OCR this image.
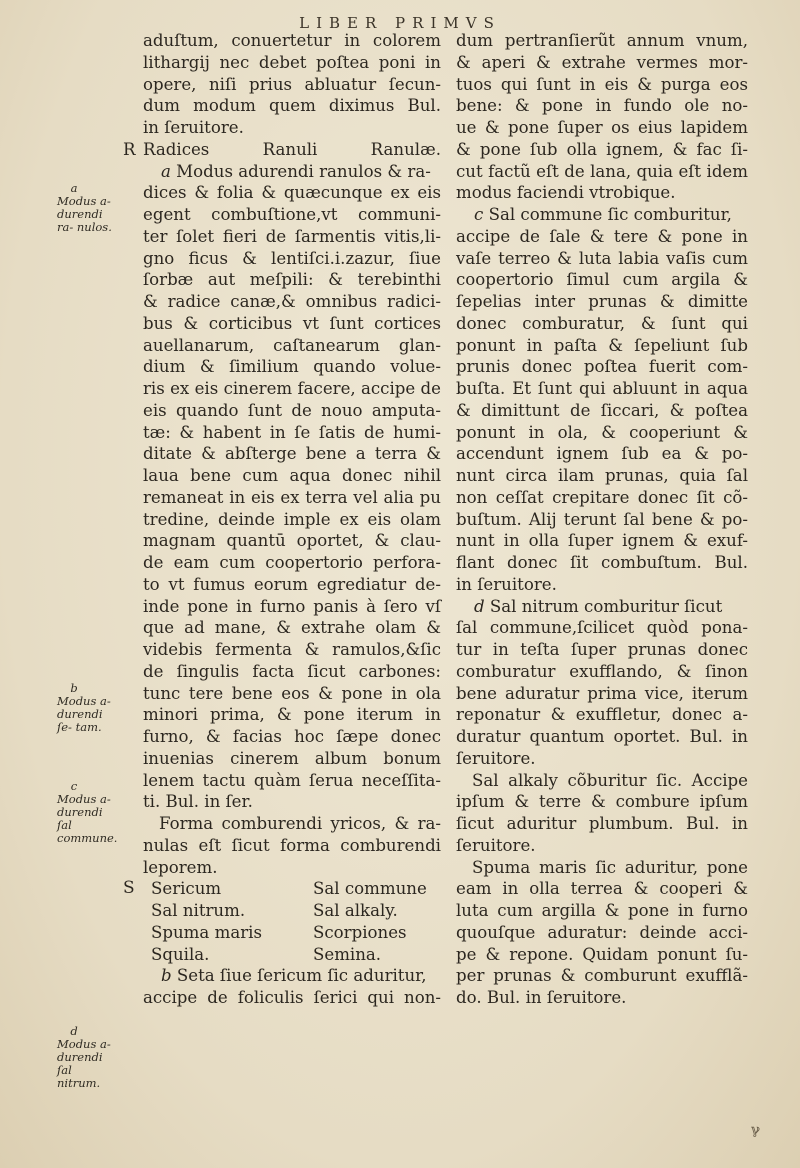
LIBER PRIMVS
a
Modus a- durendi ra- nulos.
b
Modus a- durendi ſe- tam.
c
Modus a- durendi ſal commune.
d
Modus a- durendi ſal nitrum.
aduſtum, conuertetur in colorem
lithargij nec debet poſtea poni in
opere, niſi prius abluatur ſecun-
dum modum quem diximus Bul.
in ſeruitore.
R Radices	Ranuli	Ranulæ.
a Modus adurendi ranulos & ra-
dices & folia & quæcunque ex eis
egent combuſtione,vt communi-
ter ſolet fieri de ſarmentis vitis,li-
gno ficus & lentiſci.i.zazur, ſiue
ſorbæ aut meſpili: & terebinthi
& radice canæ,& omnibus radici-
bus & corticibus vt ſunt cortices
auellanarum, caſtanearum glan-
dium & ſimilium quando volue-
ris ex eis cinerem facere, accipe de
eis quando ſunt de nouo amputa-
tæ: & habent in ſe ſatis de humi-
ditate & abſterge bene a terra &
laua bene cum aqua donec nihil
remaneat in eis ex terra vel alia pu
tredine, deinde imple ex eis olam
magnam quantū oportet, & clau-
de eam cum coopertorio perfora-
to vt fumus eorum egrediatur de-
inde pone in furno panis à ſero vſ
que ad mane, & extrahe olam &
videbis fermenta & ramulos,&ſic
de ſingulis facta ſicut carbones:
tunc tere bene eos & pone in ola
minori prima, & pone iterum in
furno, & facias hoc ſæpe donec
inuenias cinerem album bonum
lenem tactu quàm ſerua neceſſita-
ti. Bul. in ſer.
Forma comburendi yricos, & ra-
nulas eſt ſicut forma comburendi
leporem.
S Sericum	Sal commune
Sal nitrum.	Sal alkaly.
Spuma maris	Scorpiones
Squila.	Semina.
b Seta ſiue ſericum ſic aduritur,
accipe de foliculis ſerici qui non-
dum pertranſierũt annum vnum,
& aperi & extrahe vermes mor-
tuos qui ſunt in eis & purga eos
bene: & pone in fundo ole no-
ue & pone ſuper os eius lapidem
& pone ſub olla ignem, & fac ſi-
cut factũ eſt de lana, quia eſt idem
modus faciendi vtrobique.
c Sal commune ſic comburitur,
accipe de ſale & tere & pone in
vaſe terreo & luta labia vaſis cum
coopertorio ſimul cum argila &
ſepelias inter prunas & dimitte
donec comburatur, & ſunt qui
ponunt in paſta & ſepeliunt ſub
prunis donec poſtea fuerit com-
buſta. Et ſunt qui abluunt in aqua
& dimittunt de ſiccari, & poſtea
ponunt in ola, & cooperiunt &
accendunt ignem ſub ea & po-
nunt circa ilam prunas, quia ſal
non ceſſat crepitare donec ſit cõ-
buſtum. Alij terunt ſal bene & po-
nunt in olla ſuper ignem & exuf-
flant donec ſit combuſtum. Bul.
in ſeruitore.
d Sal nitrum comburitur ſicut
ſal commune,ſcilicet quòd pona-
tur in teſta ſuper prunas donec
comburatur exufflando, & ſinon
bene aduratur prima vice, iterum
reponatur & exuffletur, donec a-
duratur quantum oportet. Bul. in
ſeruitore.
Sal alkaly cõburitur ſic. Accipe
ipſum & terre & combure ipſum
ſicut aduritur plumbum. Bul. in
ſeruitore.
Spuma maris ſic aduritur, pone
eam in olla terrea & cooperi &
luta cum argilla & pone in furno
quouſque aduratur: deinde acci-
pe & repone. Quidam ponunt ſu-
per prunas & comburunt exufflã-
do. Bul. in ſeruitore.
ℽ
